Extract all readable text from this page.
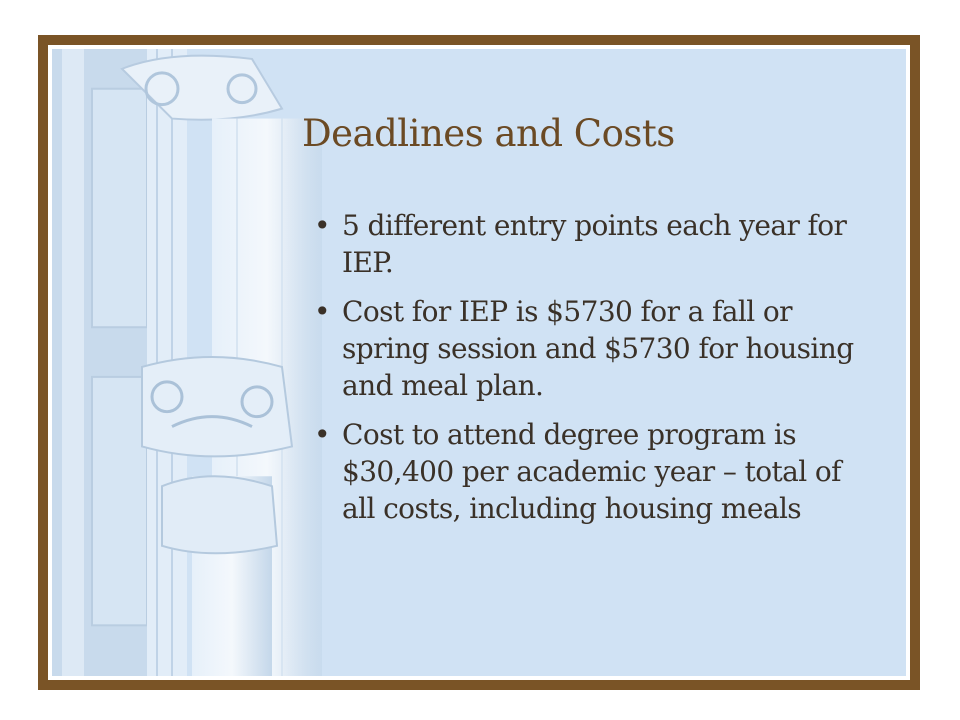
Deadlines and Costs
• 5 different entry points each year for IEP.
• Cost for IEP is $5730 for a fall or spring session and $5730 for housing and meal plan.
• Cost to attend degree program is $30,400 per academic year – total of all costs, including housing meals
